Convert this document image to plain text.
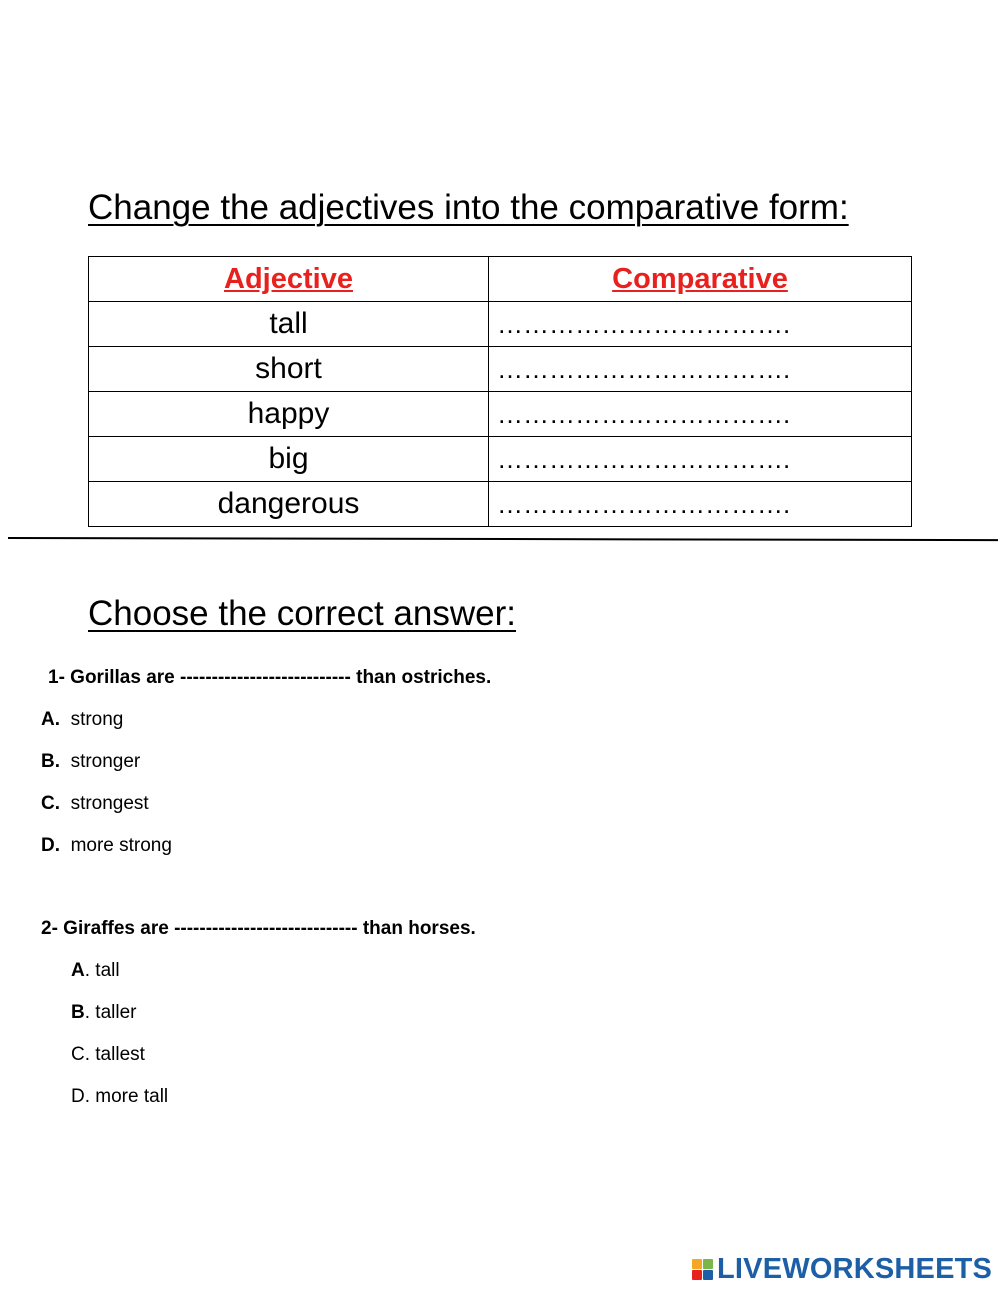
Change the adjectives into the comparative form:
Adjective	Comparative
tall	…………………………….
short	…………………………….
happy	…………………………….
big	…………………………….
dangerous	…………………………….
Choose the correct answer:
1- Gorillas are --------------------------- than ostriches.
A. strong
B. stronger
C. strongest
D. more strong
2- Giraffes are ----------------------------- than horses.
A. tall
B. taller
C. tallest
D. more tall
LIVEWORKSHEETS
